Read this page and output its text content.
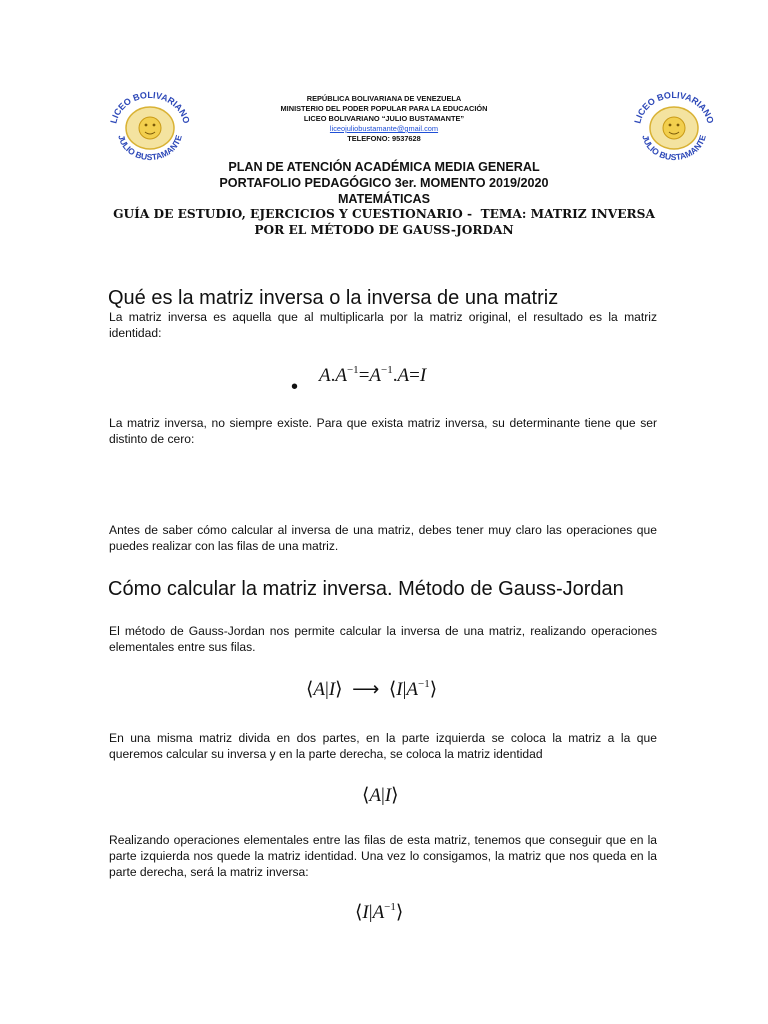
LICEO BOLIVARIANO
JULIO BUSTAMANTE
LICEO BOLIVARIANO
JULIO BUSTAMANTE
REPÚBLICA BOLIVARIANA DE VENEZUELA
MINISTERIO DEL PODER POPULAR PARA LA EDUCACIÓN
LICEO BOLIVARIANO “JULIO BUSTAMANTE”
liceojuliobustamante@gmail.com
TELEFONO: 9537628
PLAN DE ATENCIÓN ACADÉMICA MEDIA GENERAL
PORTAFOLIO PEDAGÓGICO 3er. MOMENTO 2019/2020
MATEMÁTICAS
GUÍA DE ESTUDIO, EJERCICIOS Y CUESTIONARIO -  TEMA: MATRIZ INVERSA
POR EL MÉTODO DE GAUSS-JORDAN
Qué es la matriz inversa o la inversa de una matriz
La matriz inversa es aquella que al multiplicarla por la matriz original, el resultado es la matriz identidad:
•
$A.A^{-1}=A^{-1}.A=I$
La matriz inversa, no siempre existe. Para que exista matriz inversa, su determinante tiene que ser distinto de cero:
Antes de saber cómo calcular al inversa de una matriz, debes tener muy claro las operaciones que puedes realizar con las filas de una matriz.
Cómo calcular la matriz inversa. Método de Gauss-Jordan
El método de Gauss-Jordan nos permite calcular la inversa de una matriz, realizando operaciones elementales entre sus filas.
⟨A|I⟩ ⟶ $⟨I|A^{-1}⟩$
En una misma matriz divida en dos partes, en la parte izquierda se coloca la matriz a la que queremos calcular su inversa y en la parte derecha, se coloca la matriz identidad
⟨A|I⟩
Realizando operaciones elementales entre las filas de esta matriz, tenemos que conseguir que en la parte izquierda nos quede la matriz identidad. Una vez lo consigamos, la matriz que nos queda en la parte derecha, será la matriz inversa:
$⟨I|A^{-1}⟩$
